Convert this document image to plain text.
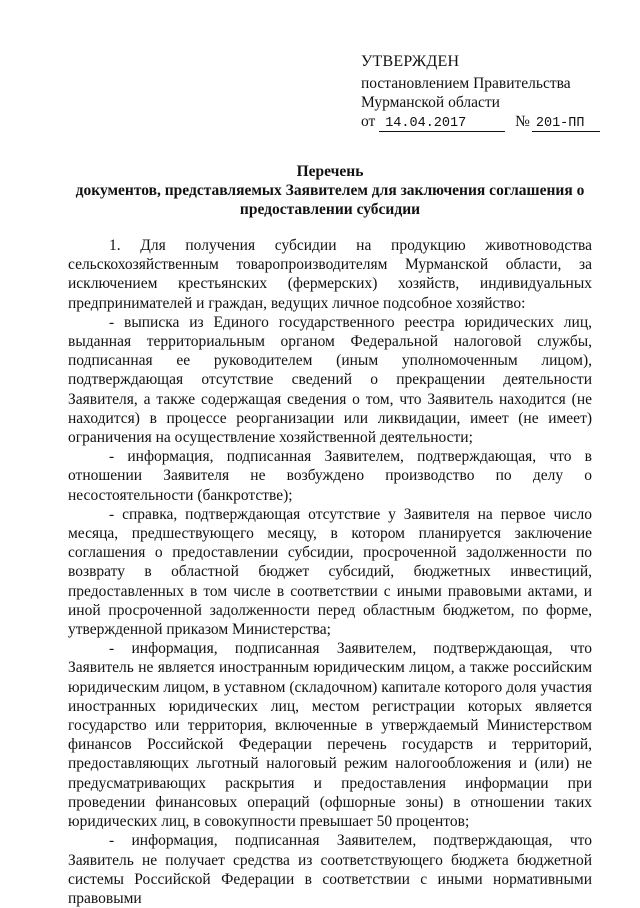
УТВЕРЖДЕН
постановлением Правительства
Мурманской области
от 14.04.2017	№ 201-ПП
Перечень
документов, представляемых Заявителем для заключения соглашения о
предоставлении субсидии

1. Для получения субсидии на продукцию животноводства сельскохозяйственным товаропроизводителям Мурманской области, за исключением крестьянских (фермерских) хозяйств, индивидуальных предпринимателей и граждан, ведущих личное подсобное хозяйство:

- выписка из Единого государственного реестра юридических лиц, выданная территориальным органом Федеральной налоговой службы, подписанная ее руководителем (иным уполномоченным лицом), подтверждающая отсутствие сведений о прекращении деятельности Заявителя, а также содержащая сведения о том, что Заявитель находится (не находится) в процессе реорганизации или ликвидации, имеет (не имеет) ограничения на осуществление хозяйственной деятельности;

- информация, подписанная Заявителем, подтверждающая, что в отношении Заявителя не возбуждено производство по делу о несостоятельности (банкротстве);

- справка, подтверждающая отсутствие у Заявителя на первое число месяца, предшествующего месяцу, в котором планируется заключение соглашения о предоставлении субсидии, просроченной задолженности по возврату в областной бюджет субсидий, бюджетных инвестиций, предоставленных в том числе в соответствии с иными правовыми актами, и иной просроченной задолженности перед областным бюджетом, по форме, утвержденной приказом Министерства;

- информация, подписанная Заявителем, подтверждающая, что Заявитель не является иностранным юридическим лицом, а также российским юридическим лицом, в уставном (складочном) капитале которого доля участия иностранных юридических лиц, местом регистрации которых является государство или территория, включенные в утверждаемый Министерством финансов Российской Федерации перечень государств и территорий, предоставляющих льготный налоговый режим налогообложения и (или) не предусматривающих раскрытия и предоставления информации при проведении финансовых операций (офшорные зоны) в отношении таких юридических лиц, в совокупности превышает 50 процентов;

- информация, подписанная Заявителем, подтверждающая, что Заявитель не получает средства из соответствующего бюджета бюджетной системы Российской Федерации в соответствии с иными нормативными правовыми
